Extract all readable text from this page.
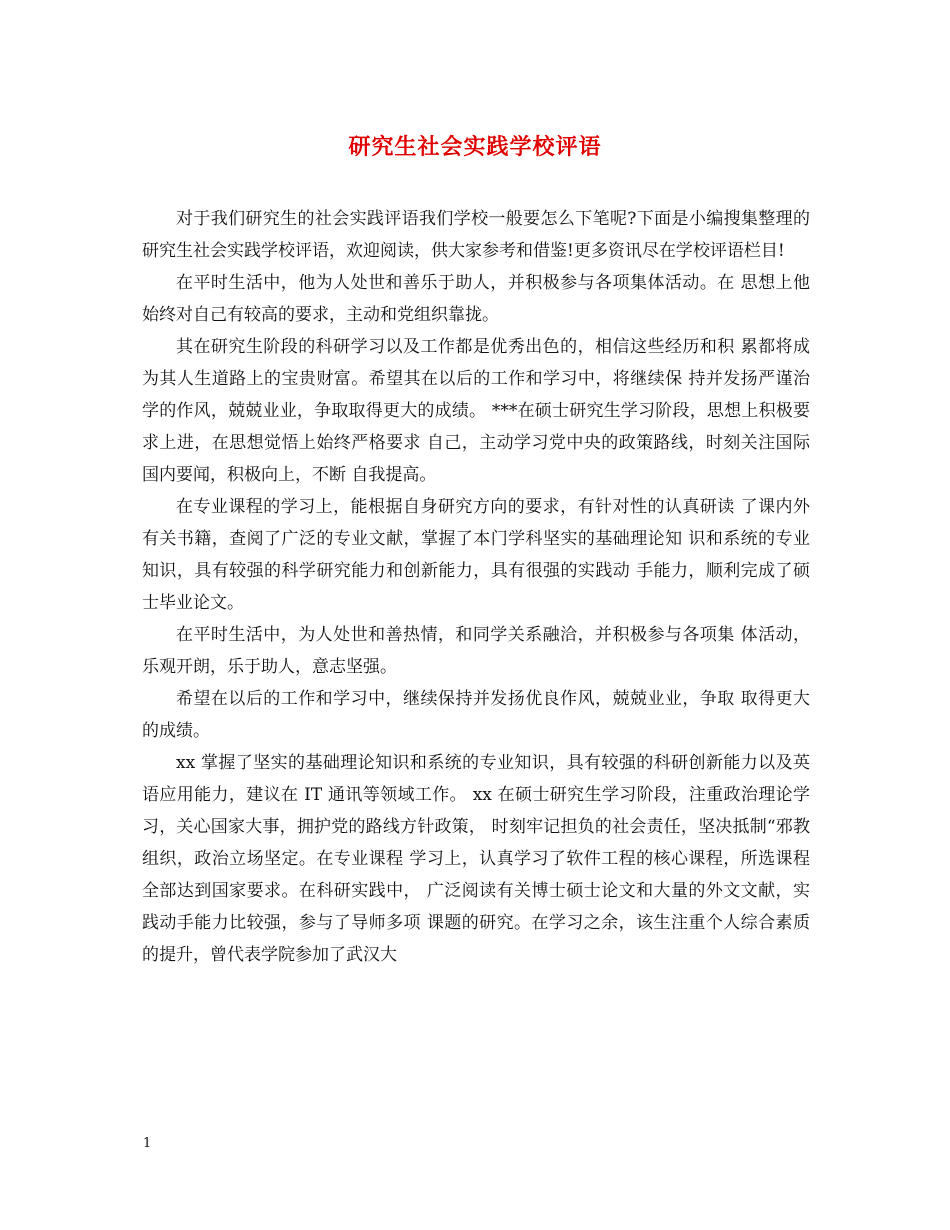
研究生社会实践学校评语

对于我们研究生的社会实践评语我们学校一般要怎么下笔呢?下面是小编搜集整理的研究生社会实践学校评语，欢迎阅读，供大家参考和借鉴!更多资讯尽在学校评语栏目!

在平时生活中，他为人处世和善乐于助人，并积极参与各项集体活动。在 思想上他始终对自己有较高的要求，主动和党组织靠拢。

其在研究生阶段的科研学习以及工作都是优秀出色的，相信这些经历和积 累都将成为其人生道路上的宝贵财富。希望其在以后的工作和学习中，将继续保 持并发扬严谨治学的作风，兢兢业业，争取取得更大的成绩。 ***在硕士研究生学习阶段，思想上积极要求上进，在思想觉悟上始终严格要求 自己，主动学习党中央的政策路线，时刻关注国际国内要闻，积极向上，不断 自我提高。

在专业课程的学习上，能根据自身研究方向的要求，有针对性的认真研读 了课内外有关书籍，查阅了广泛的专业文献，掌握了本门学科坚实的基础理论知 识和系统的专业知识，具有较强的科学研究能力和创新能力，具有很强的实践动 手能力，顺利完成了硕士毕业论文。

在平时生活中，为人处世和善热情，和同学关系融洽，并积极参与各项集 体活动，乐观开朗，乐于助人，意志坚强。

希望在以后的工作和学习中，继续保持并发扬优良作风，兢兢业业，争取 取得更大的成绩。

xx 掌握了坚实的基础理论知识和系统的专业知识，具有较强的科研创新能力以及英语应用能力，建议在 IT 通讯等领域工作。 xx 在硕士研究生学习阶段，注重政治理论学习，关心国家大事，拥护党的路线方针政策， 时刻牢记担负的社会责任，坚决抵制“邪教组织，政治立场坚定。在专业课程 学习上，认真学习了软件工程的核心课程，所选课程全部达到国家要求。在科研实践中， 广泛阅读有关博士硕士论文和大量的外文文献，实践动手能力比较强，参与了导师多项 课题的研究。在学习之余，该生注重个人综合素质的提升，曾代表学院参加了武汉大

1
